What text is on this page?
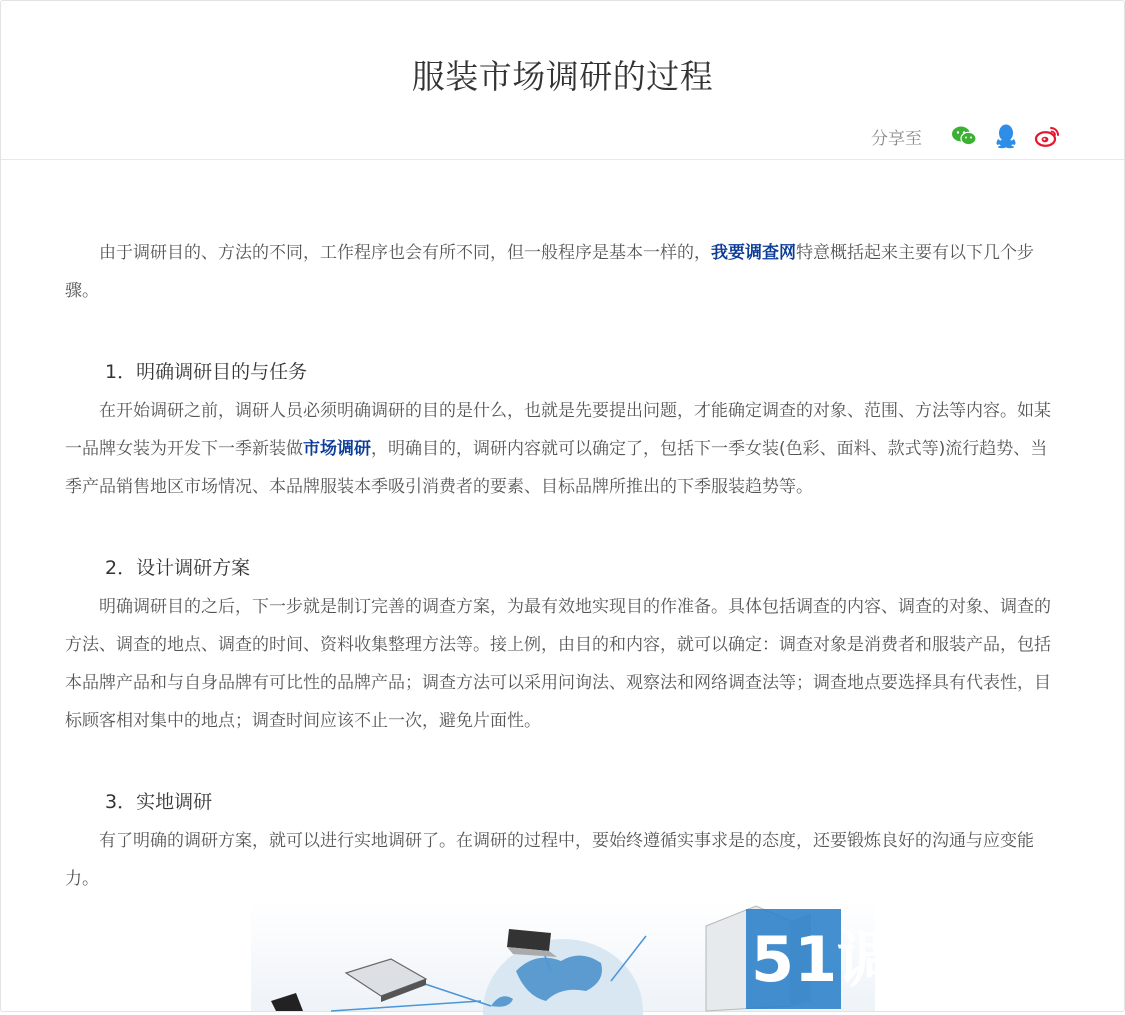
服装市场调研的过程
分享至

由于调研目的、方法的不同，工作程序也会有所不同，但一般程序是基本一样的，我要调查网特意概括起来主要有以下几个步骤。

1．明确调研目的与任务

在开始调研之前，调研人员必须明确调研的目的是什么，也就是先要提出问题，才能确定调查的对象、范围、方法等内容。如某一品牌女装为开发下一季新装做市场调研，明确目的，调研内容就可以确定了，包括下一季女装(色彩、面料、款式等)流行趋势、当季产品销售地区市场情况、本品牌服装本季吸引消费者的要素、目标品牌所推出的下季服装趋势等。

2．设计调研方案

明确调研目的之后，下一步就是制订完善的调查方案，为最有效地实现目的作准备。具体包括调查的内容、调查的对象、调查的方法、调查的地点、调查的时间、资料收集整理方法等。接上例，由目的和内容，就可以确定：调查对象是消费者和服装产品，包括本品牌产品和与自身品牌有可比性的品牌产品；调查方法可以采用问询法、观察法和网络调查法等；调查地点要选择具有代表性，目标顾客相对集中的地点；调查时间应该不止一次，避免片面性。

3．实地调研

有了明确的调研方案，就可以进行实地调研了。在调研的过程中，要始终遵循实事求是的态度，还要锻炼良好的沟通与应变能力。

51调查
